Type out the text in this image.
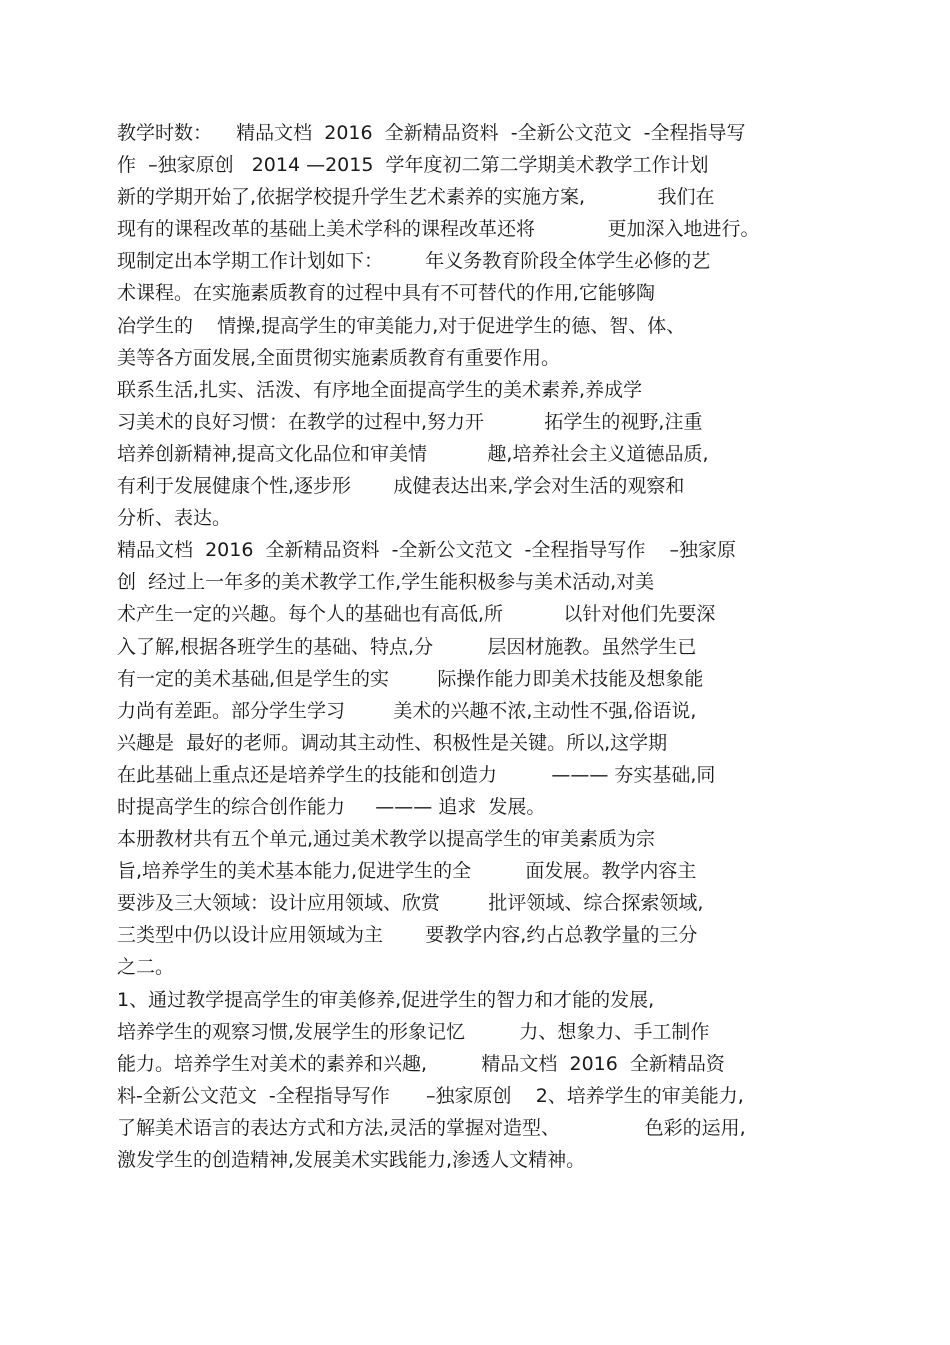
教学时数：    精品文档  2016  全新精品资料  -全新公文范文  -全程指导写
作  –独家原创   2014 —2015  学年度初二第二学期美术教学工作计划
新的学期开始了,依据学校提升学生艺术素养的实施方案,            我们在
现有的课程改革的基础上美术学科的课程改革还将            更加深入地进行。
现制定出本学期工作计划如下：       年义务教育阶段全体学生必修的艺
术课程。在实施素质教育的过程中具有不可替代的作用,它能够陶
冶学生的    情操,提高学生的审美能力,对于促进学生的德、智、体、
美等各方面发展,全面贯彻实施素质教育有重要作用。
联系生活,扎实、活泼、有序地全面提高学生的美术素养,养成学
习美术的良好习惯：在教学的过程中,努力开          拓学生的视野,注重
培养创新精神,提高文化品位和审美情          趣,培养社会主义道德品质,
有利于发展健康个性,逐步形       成健表达出来,学会对生活的观察和
分析、表达。
精品文档  2016  全新精品资料  -全新公文范文  -全程指导写作    –独家原
创  经过上一年多的美术教学工作,学生能积极参与美术活动,对美
术产生一定的兴趣。每个人的基础也有高低,所          以针对他们先要深
入了解,根据各班学生的基础、特点,分         层因材施教。虽然学生已
有一定的美术基础,但是学生的实        际操作能力即美术技能及想象能
力尚有差距。部分学生学习        美术的兴趣不浓,主动性不强,俗语说,
兴趣是  最好的老师。调动其主动性、积极性是关键。所以,这学期
在此基础上重点还是培养学生的技能和创造力         ——— 夯实基础,同
时提高学生的综合创作能力     ——— 追求  发展。
本册教材共有五个单元,通过美术教学以提高学生的审美素质为宗
旨,培养学生的美术基本能力,促进学生的全         面发展。教学内容主
要涉及三大领域：设计应用领域、欣赏        批评领域、综合探索领域,
三类型中仍以设计应用领域为主       要教学内容,约占总教学量的三分
之二。
1、通过教学提高学生的审美修养,促进学生的智力和才能的发展,
培养学生的观察习惯,发展学生的形象记忆         力、想象力、手工制作
能力。培养学生对美术的素养和兴趣,         精品文档  2016  全新精品资
料-全新公文范文  -全程指导写作      –独家原创    2、培养学生的审美能力,
了解美术语言的表达方式和方法,灵活的掌握对造型、              色彩的运用,
激发学生的创造精神,发展美术实践能力,渗透人文精神。
